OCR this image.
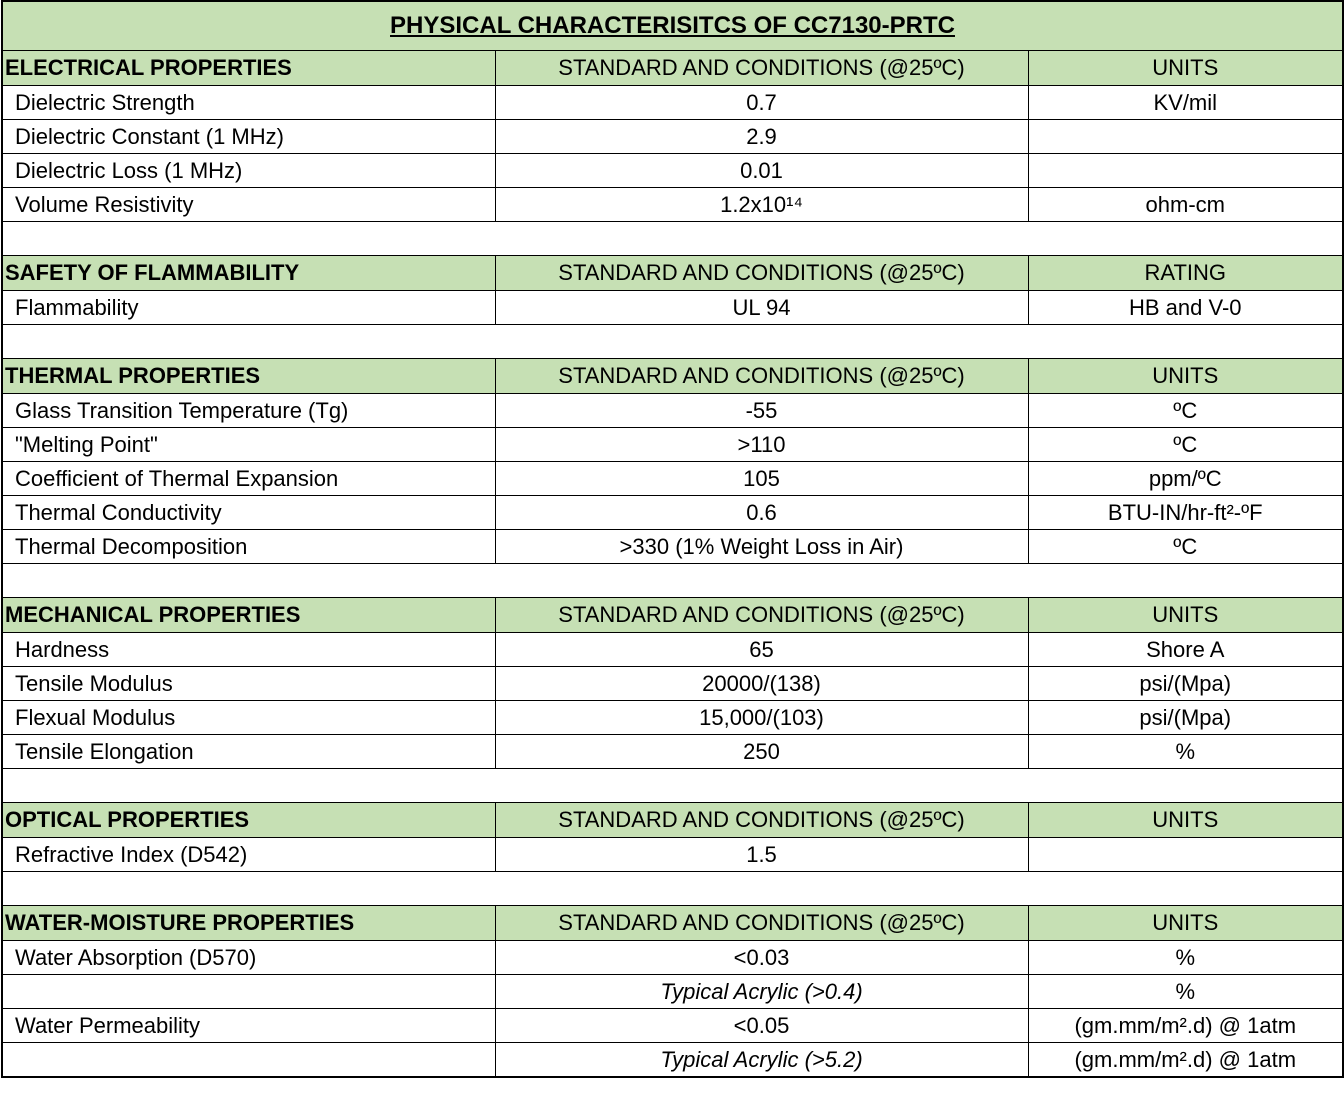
PHYSICAL CHARACTERISITCS OF CC7130-PRTC		
ELECTRICAL PROPERTIES	STANDARD AND CONDITIONS (@25ºC)	UNITS
Dielectric Strength	0.7	KV/mil
Dielectric Constant (1 MHz)	2.9	
Dielectric Loss (1 MHz)	0.01	
Volume Resistivity	1.2x10¹⁴	ohm-cm

SAFETY OF FLAMMABILITY	STANDARD AND CONDITIONS (@25ºC)	RATING
Flammability	UL 94	HB and V-0

THERMAL PROPERTIES	STANDARD AND CONDITIONS (@25ºC)	UNITS
Glass Transition Temperature (Tg)	-55	ºC
"Melting Point"	>110	ºC
Coefficient of Thermal Expansion	105	ppm/ºC
Thermal Conductivity	0.6	BTU-IN/hr-ft²-ºF
Thermal Decomposition	>330 (1% Weight Loss in Air)	ºC

MECHANICAL PROPERTIES	STANDARD AND CONDITIONS (@25ºC)	UNITS
Hardness	65	Shore A
Tensile Modulus	20000/(138)	psi/(Mpa)
Flexual Modulus	15,000/(103)	psi/(Mpa)
Tensile Elongation	250	%

OPTICAL PROPERTIES	STANDARD AND CONDITIONS (@25ºC)	UNITS
Refractive Index (D542)	1.5	

WATER-MOISTURE PROPERTIES	STANDARD AND CONDITIONS (@25ºC)	UNITS
Water Absorption (D570)	<0.03	%
	Typical Acrylic (>0.4)	%
Water Permeability	<0.05	(gm.mm/m².d) @ 1atm
	Typical Acrylic (>5.2)	(gm.mm/m².d) @ 1atm
